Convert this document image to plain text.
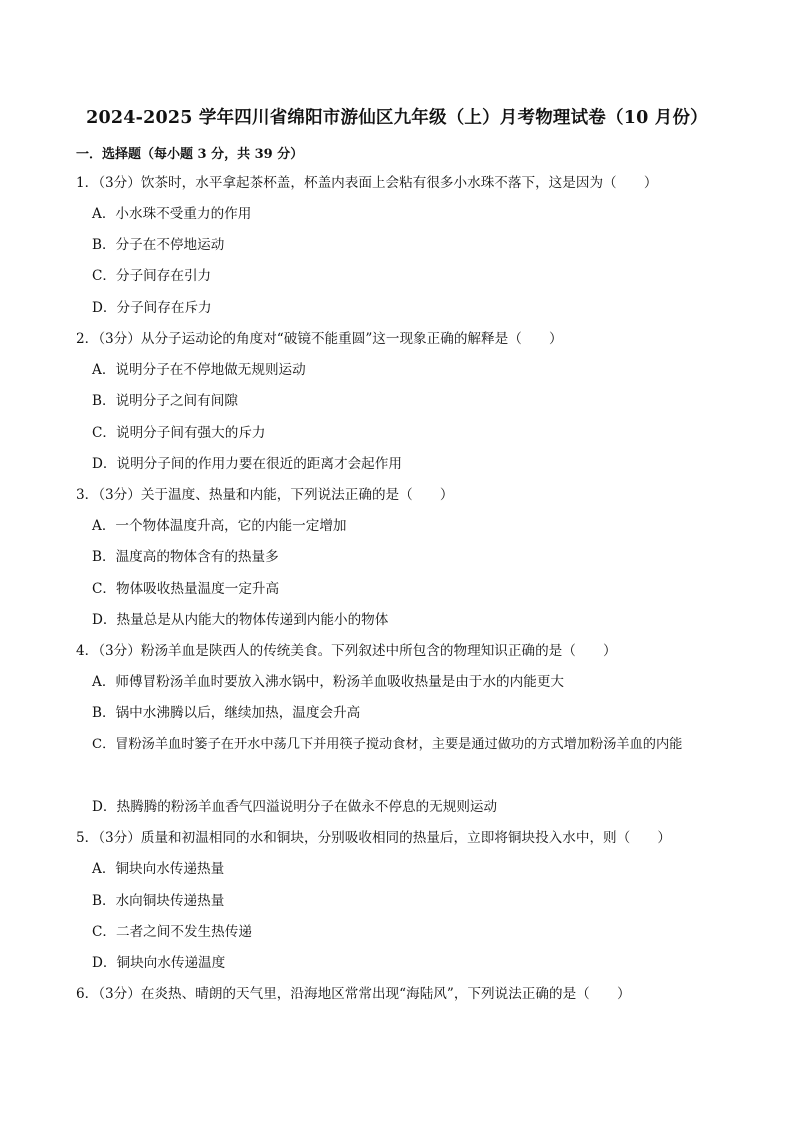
2024-2025 学年四川省绵阳市游仙区九年级（上）月考物理试卷（10 月份）
一．选择题（每小题 3 分，共 39 分）
1．（3分）饮茶时，水平拿起茶杯盖，杯盖内表面上会粘有很多小水珠不落下，这是因为（　　）
A．小水珠不受重力的作用
B．分子在不停地运动
C．分子间存在引力
D．分子间存在斥力
2．（3分）从分子运动论的角度对“破镜不能重圆”这一现象正确的解释是（　　）
A．说明分子在不停地做无规则运动
B．说明分子之间有间隙
C．说明分子间有强大的斥力
D．说明分子间的作用力要在很近的距离才会起作用
3．（3分）关于温度、热量和内能，下列说法正确的是（　　）
A．一个物体温度升高，它的内能一定增加
B．温度高的物体含有的热量多
C．物体吸收热量温度一定升高
D．热量总是从内能大的物体传递到内能小的物体
4．（3分）粉汤羊血是陕西人的传统美食。下列叙述中所包含的物理知识正确的是（　　）
A．师傅冒粉汤羊血时要放入沸水锅中，粉汤羊血吸收热量是由于水的内能更大
B．锅中水沸腾以后，继续加热，温度会升高
C．冒粉汤羊血时篓子在开水中荡几下并用筷子搅动食材，主要是通过做功的方式增加粉汤羊血的内能
D．热腾腾的粉汤羊血香气四溢说明分子在做永不停息的无规则运动
5．（3分）质量和初温相同的水和铜块，分别吸收相同的热量后，立即将铜块投入水中，则（　　）
A．铜块向水传递热量
B．水向铜块传递热量
C．二者之间不发生热传递
D．铜块向水传递温度
6．（3分）在炎热、晴朗的天气里，沿海地区常常出现“海陆风”，下列说法正确的是（　　）
